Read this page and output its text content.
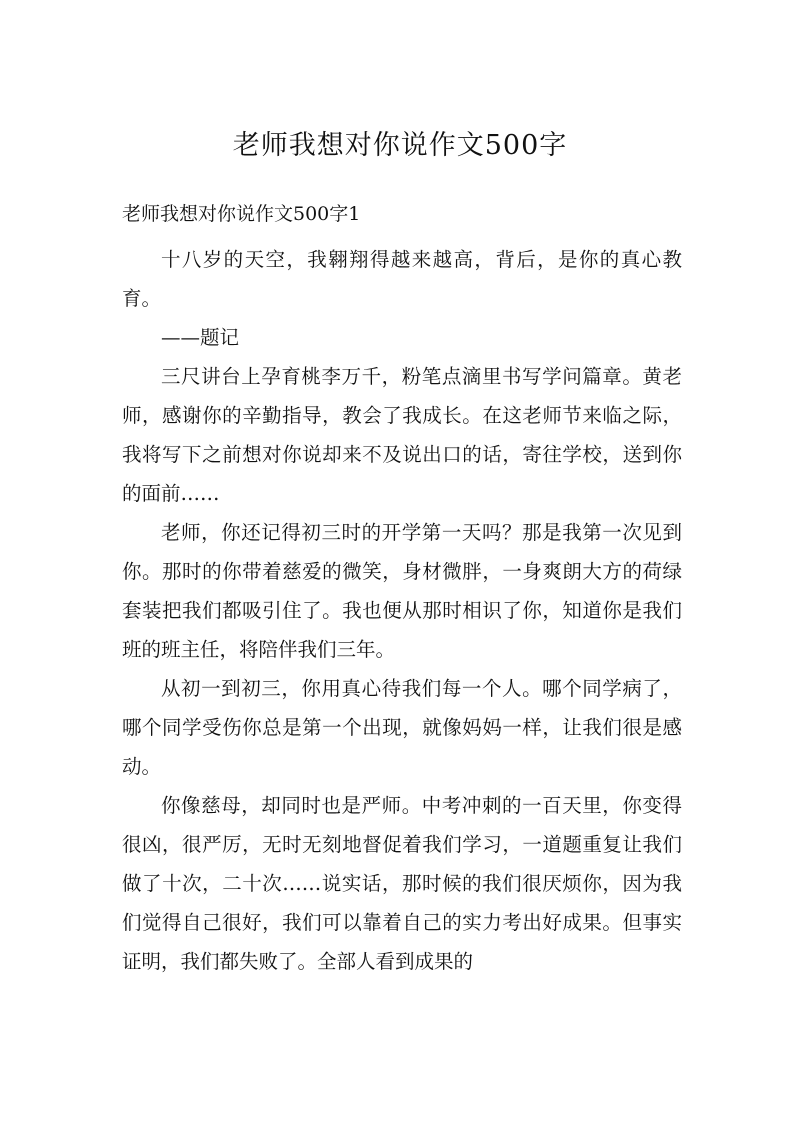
老师我想对你说作文500字
老师我想对你说作文500字1

十八岁的天空，我翱翔得越来越高，背后，是你的真心教育。

——题记

三尺讲台上孕育桃李万千，粉笔点滴里书写学问篇章。黄老师，感谢你的辛勤指导，教会了我成长。在这老师节来临之际，我将写下之前想对你说却来不及说出口的话，寄往学校，送到你的面前……

老师，你还记得初三时的开学第一天吗？那是我第一次见到你。那时的你带着慈爱的微笑，身材微胖，一身爽朗大方的荷绿套装把我们都吸引住了。我也便从那时相识了你，知道你是我们班的班主任，将陪伴我们三年。

从初一到初三，你用真心待我们每一个人。哪个同学病了，哪个同学受伤你总是第一个出现，就像妈妈一样，让我们很是感动。

你像慈母，却同时也是严师。中考冲刺的一百天里，你变得很凶，很严厉，无时无刻地督促着我们学习，一道题重复让我们做了十次，二十次……说实话，那时候的我们很厌烦你，因为我们觉得自己很好，我们可以靠着自己的实力考出好成果。但事实证明，我们都失败了。全部人看到成果的
